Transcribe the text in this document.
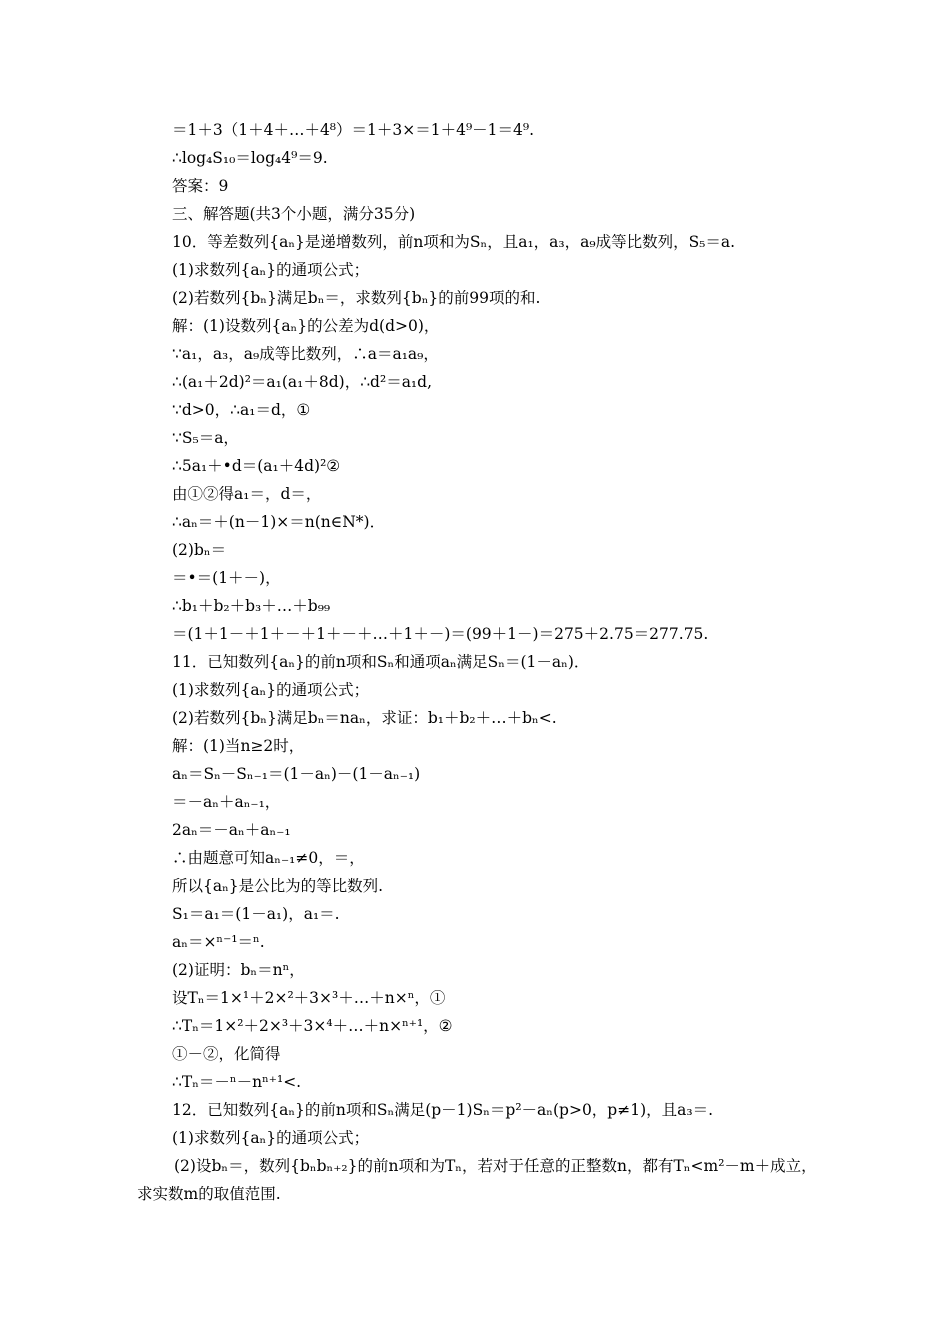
＝1＋3（1＋4＋…＋4⁸）＝1＋3×＝1＋4⁹－1＝4⁹.
∴log₄S₁₀＝log₄4⁹＝9.
答案：9
三、解答题(共3个小题，满分35分)
10．等差数列{aₙ}是递增数列，前n项和为Sₙ，且a₁，a₃，a₉成等比数列，S₅＝a.
(1)求数列{aₙ}的通项公式；
(2)若数列{bₙ}满足bₙ＝，求数列{bₙ}的前99项的和.
解：(1)设数列{aₙ}的公差为d(d>0)，
∵a₁，a₃，a₉成等比数列，∴a＝a₁a₉，
∴(a₁＋2d)²＝a₁(a₁＋8d)，∴d²＝a₁d,
∵d>0，∴a₁＝d，①
∵S₅＝a，
∴5a₁＋•d＝(a₁＋4d)²②
由①②得a₁＝，d＝，
∴aₙ＝＋(n－1)×＝n(n∈N*)．
(2)bₙ＝
＝•＝(1＋－)，
∴b₁＋b₂＋b₃＋…＋b₉₉
＝(1＋1－＋1＋－＋1＋－＋…＋1＋－)＝(99＋1－)＝275＋2.75＝277.75.
11．已知数列{aₙ}的前n项和Sₙ和通项aₙ满足Sₙ＝(1－aₙ)．
(1)求数列{aₙ}的通项公式；
(2)若数列{bₙ}满足bₙ＝naₙ，求证：b₁＋b₂＋…＋bₙ<.
解：(1)当n≥2时，
aₙ＝Sₙ－Sₙ₋₁＝(1－aₙ)－(1－aₙ₋₁)
＝－aₙ＋aₙ₋₁，
2aₙ＝－aₙ＋aₙ₋₁
∴由题意可知aₙ₋₁≠0，＝，
所以{aₙ}是公比为的等比数列.
S₁＝a₁＝(1－a₁)，a₁＝.
aₙ＝×ⁿ⁻¹＝ⁿ.
(2)证明：bₙ＝nⁿ，
设Tₙ＝1×¹＋2×²＋3×³＋…＋n×ⁿ，①
∴Tₙ＝1×²＋2×³＋3×⁴＋…＋n×ⁿ⁺¹，②
①－②，化简得
∴Tₙ＝－ⁿ－nⁿ⁺¹<.
12．已知数列{aₙ}的前n项和Sₙ满足(p－1)Sₙ＝p²－aₙ(p>0，p≠1)，且a₃＝.
(1)求数列{aₙ}的通项公式；
(2)设bₙ＝，数列{bₙbₙ₊₂}的前n项和为Tₙ，若对于任意的正整数n，都有Tₙ<m²－m＋成立，
求实数m的取值范围.
